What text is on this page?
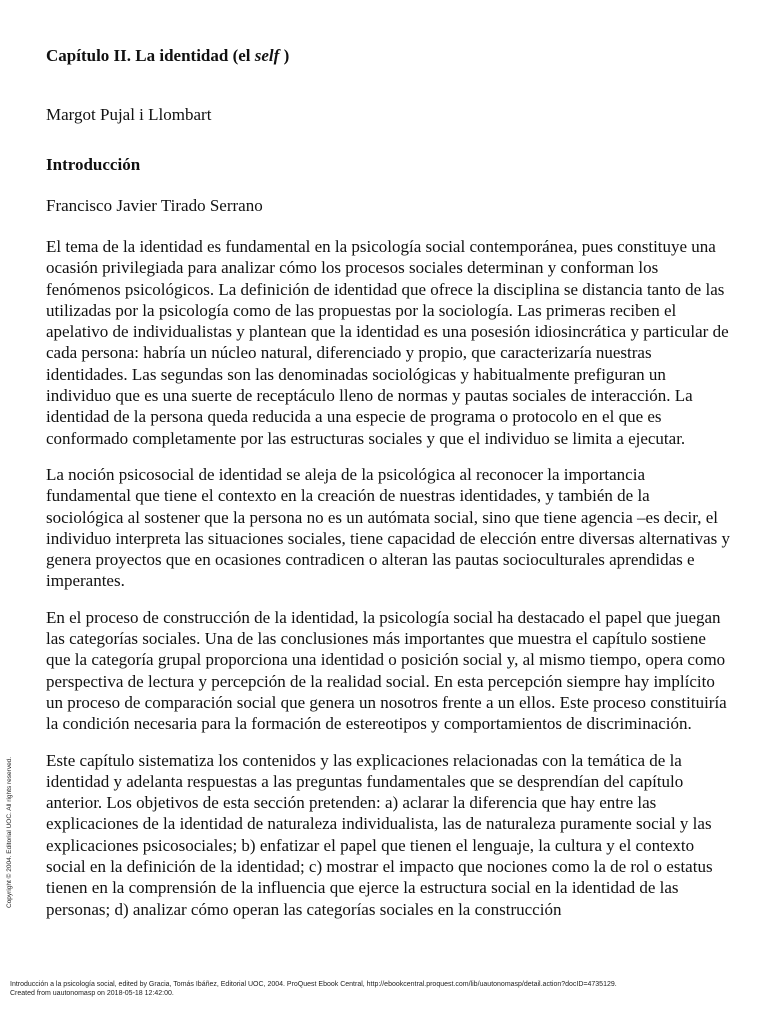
Capítulo II. La identidad (el self )

Margot Pujal i Llombart

Introducción

Francisco Javier Tirado Serrano

El tema de la identidad es fundamental en la psicología social contemporánea, pues constituye una ocasión privilegiada para analizar cómo los procesos sociales determinan y conforman los fenómenos psicológicos. La definición de identidad que ofrece la disciplina se distancia tanto de las utilizadas por la psicología como de las propuestas por la sociología. Las primeras reciben el apelativo de individualistas y plantean que la identidad es una posesión idiosincrática y particular de cada persona: habría un núcleo natural, diferenciado y propio, que caracterizaría nuestras identidades. Las segundas son las denominadas sociológicas y habitualmente prefiguran un individuo que es una suerte de receptáculo lleno de normas y pautas sociales de interacción. La identidad de la persona queda reducida a una especie de programa o protocolo en el que es conformado completamente por las estructuras sociales y que el individuo se limita a ejecutar.

La noción psicosocial de identidad se aleja de la psicológica al reconocer la importancia fundamental que tiene el contexto en la creación de nuestras identidades, y también de la sociológica al sostener que la persona no es un autómata social, sino que tiene agencia –es decir, el individuo interpreta las situaciones sociales, tiene capacidad de elección entre diversas alternativas y genera proyectos que en ocasiones contradicen o alteran las pautas socioculturales aprendidas e imperantes.

En el proceso de construcción de la identidad, la psicología social ha destacado el papel que juegan las categorías sociales. Una de las conclusiones más importantes que muestra el capítulo sostiene que la categoría grupal proporciona una identidad o posición social y, al mismo tiempo, opera como perspectiva de lectura y percepción de la realidad social. En esta percepción siempre hay implícito un proceso de comparación social que genera un nosotros frente a un ellos. Este proceso constituiría la condición necesaria para la formación de estereotipos y comportamientos de discriminación.

Este capítulo sistematiza los contenidos y las explicaciones relacionadas con la temática de la identidad y adelanta respuestas a las preguntas fundamentales que se desprendían del capítulo anterior. Los objetivos de esta sección pretenden: a) aclarar la diferencia que hay entre las explicaciones de la identidad de naturaleza individualista, las de naturaleza puramente social y las explicaciones psicosociales; b) enfatizar el papel que tienen el lenguaje, la cultura y el contexto social en la definición de la identidad; c) mostrar el impacto que nociones como la de rol o estatus tienen en la comprensión de la influencia que ejerce la estructura social en la identidad de las personas; d) analizar cómo operan las categorías sociales en la construcción

Copyright © 2004. Editorial UOC. All rights reserved.
Introducción a la psicología social, edited by Gracia, Tomás Ibáñez, Editorial UOC, 2004. ProQuest Ebook Central, http://ebookcentral.proquest.com/lib/uautonomasp/detail.action?docID=4735129.
Created from uautonomasp on 2018-05-18 12:42:00.
